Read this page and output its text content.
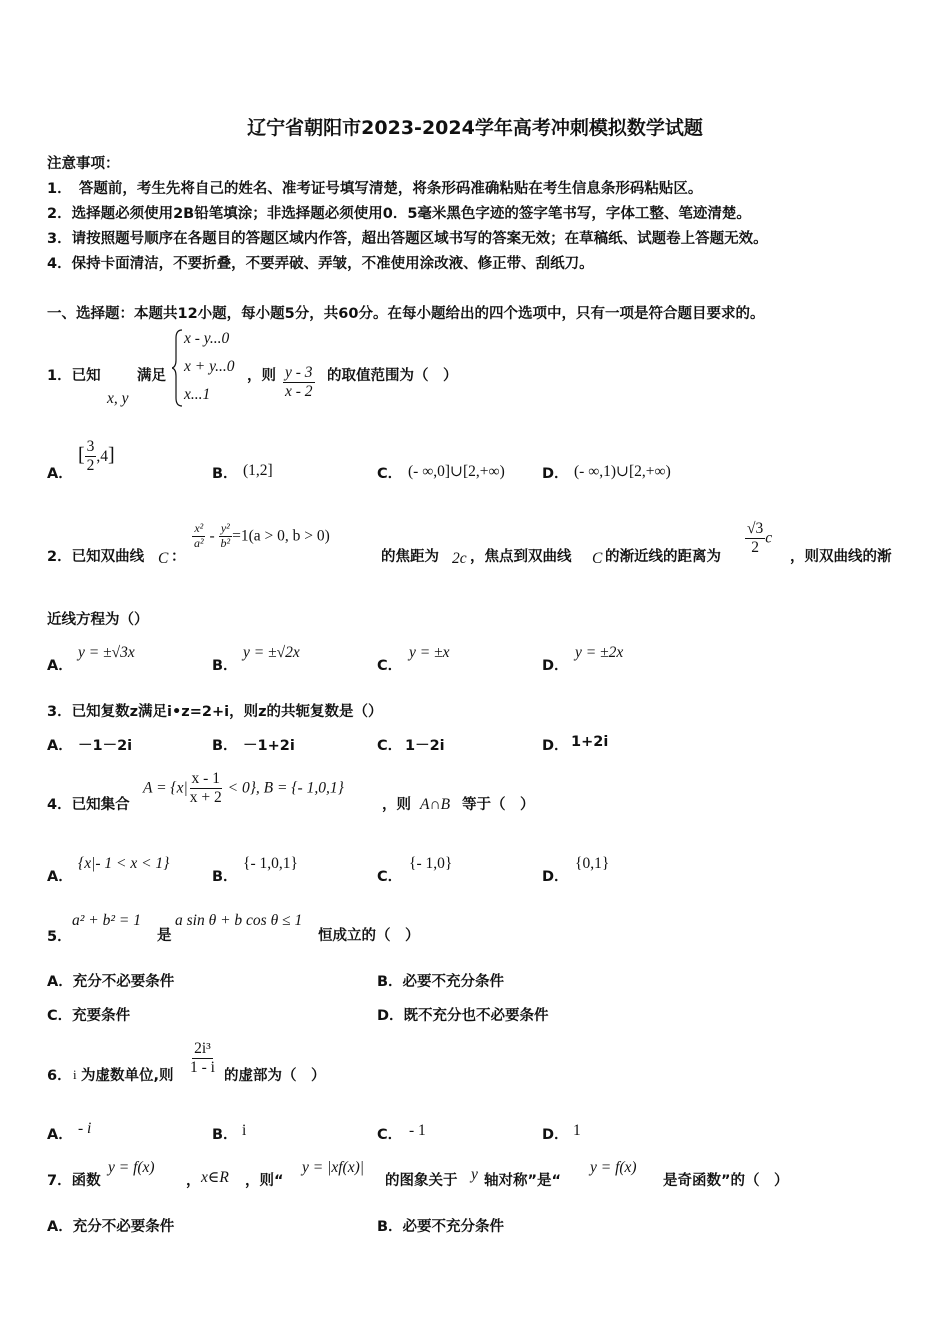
辽宁省朝阳市2023-2024学年高考冲刺模拟数学试题
注意事项：
1．　答题前，考生先将自己的姓名、准考证号填写清楚，将条形码准确粘贴在考生信息条形码粘贴区。
2．选择题必须使用2B铅笔填涂；非选择题必须使用0．5毫米黑色字迹的签字笔书写，字体工整、笔迹清楚。
3．请按照题号顺序在各题目的答题区域内作答，超出答题区域书写的答案无效；在草稿纸、试题卷上答题无效。
4．保持卡面清洁，不要折叠，不要弄破、弄皱，不准使用涂改液、修正带、刮纸刀。
一、选择题：本题共12小题，每小题5分，共60分。在每小题给出的四个选项中，只有一项是符合题目要求的。
1．已知	满足
x, y
x - y...0
x + y...0
x...1
，则 $\frac{y - 3}{x - 2}$ 的取值范围为（　）
A．
[ $\frac{3}{2} ,4$]
B． (1,2]	C． (- ∞,0]∪[2,+∞)	D． (- ∞,1)∪[2,+∞)
2．已知双曲线 C ：
$\frac{\text{x²}}{\text{a²}} - \frac{\text{y²}}{\text{b²}} =1(a > 0$, b > 0)
的焦距为 2c ，焦点到双曲线 C 的渐近线的距离为
$\frac{√3}{2}$ c
，则双曲线的渐
近线方程为（）
A．
y = ±√3x
B．
y = ±√2x
C．
y = ±x
D．
y = ±2x
3．已知复数z满足i•z=2+i，则z的共轭复数是（）
A． －1－2i	B． －1+2i	C． 1－2i	D． 1+2i
4．已知集合
$A = \{x| \frac{x - 1}{x + 2} < 0\}$, B = {- 1,0,1}
，则 A∩B 等于（　）
A．
{x|- 1 < x < 1}
B．
{- 1,0,1}
C．
{- 1,0}
D．
{0,1}
5．
a² + b² = 1
是
a sin θ + b cos θ ≤ 1
恒成立的（　）
A．充分不必要条件	B．必要不充分条件
C．充要条件	D．既不充分也不必要条件
6． i 为虚数单位,则 $\frac{\text{2i³}}{1 - i}$ 的虚部为（　）
A． - i	B． i	C． - 1	D． 1
7．函数
y = f(x)
， x∈R ，则“
y = |xf(x)|
的图象关于 y 轴对称”是“
y = f(x)
是奇函数”的（　）
A．充分不必要条件	B．必要不充分条件
